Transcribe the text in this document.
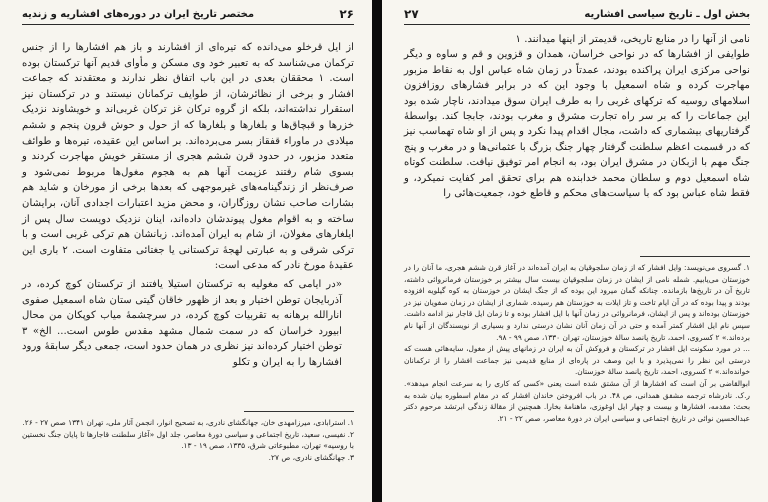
۲۶
مختصر تاریخ ایران در دوره‌های افشاریه و زندیه

از ایل قرخلو می‌دانده که تیره‌ای از افشارند و باز هم افشارها را از جنس ترکمان می‌شناسد که به تعبیر خود وی مسکن و مأوای قدیم آنها ترکستان بوده است. ۱ محققان بعدی در این باب اتفاق نظر ندارند و معتقدند که جماعت افشار و برخی از نظائرشان، از طوایف ترکمانان نیستند و در ترکستان نیز استقرار نداشته‌اند، بلکه از گروه ترکان غز ترکان غربی‌اند و خویشاوند نزدیک خزرها و قبچاق‌ها و بلغارها و بلغارها که از حول و حوش قرون پنجم و ششم میلادی در ماوراء قفقاز بسر می‌برده‌اند. بر اساس این عقیده، تیره‌ها و طوائف متعدد مزبور، در حدود قرن ششم هجری از مستقر خویش مهاجرت کردند و بسوی شام رفتند عزیمت آنها هم به هجوم مغول‌ها مربوط نمی‌شود و صرف‌نظر از زندگینامه‌های غیرموجهی که بعدها برخی از مورخان و شاید هم بشارات صاحب نشان روزگاران، و محض مزید اعتبارات اجدادی آنان، برایشان ساخته و به اقوام مغول پیوندشان داده‌اند، اینان نزدیک دویست سال پس از ایلغارهای مغولان، از شام به ایران آمده‌اند. زبانشان هم ترکی غربی است و با ترکی شرقی و به عبارتی لهجهٔ ترکستانی یا جغتائی متفاوت است. ۲ باری این عقیدهٔ مورخ نادر که مدعی است:

«در ایامی که مغولیه به ترکستان استیلا یافتند از ترکستان کوچ کرده، در آذربایجان توطن اختیار و بعد از ظهور خاقان گیتی ستان شاه اسمعیل صفوی انارالله برهانه به تقربیات کوچ کرده، در سرچشمهٔ میاب کوپکان من محال ابیورد خراسان که در سمت شمال مشهد مقدس طوس است... الخ» ۳ توطن اختیار کرده‌اند نیز نظری در همان حدود است، جمعی دیگر سابقهٔ ورود افشارها را به ایران و تکلو

۱. استرابادی، میرزامهدی خان، جهانگشای نادری، به تصحیح انوار، انجمن آثار ملی، تهران ۱۳۴۱ صص ۲۷ - ۲۶.

۲. نفیسی، سعید، تاریخ اجتماعی و سیاسی دورهٔ معاصر، جلد اول «آغاز سلطنت قاجارها تا پایان جنگ نخستین با روسیه» تهران، مطبوعاتی شرق، ۱۳۳۵، صص ۱۹ - ۱۳.

۳. جهانگشای نادری، ص ۲۷.

بخش اول ـ تاریخ سیاسی افشاریه
۲۷

نامی از آنها را در منابع تاریخی، قدیمتر از اینها میدانند. ۱

طوایفی از افشارها که در نواحی خراسان، همدان و قزوین و قم و ساوه و دیگر نواحی مرکزی ایران پراکنده بودند، عمدتاً در زمان شاه عباس اول به نقاط مزبور مهاجرت کرده و شاه اسمعیل با وجود این که در برابر فشارهای روزافزون اسلامهای روسیه که ترکهای غربی را به طرف ایران سوق میدادند، ناچار شده بود این جماعات را که بر سر راه تجارت مشرق و مغرب بودند، جابجا کند. بواسطهٔ گرفتاریهای بیشماری که داشت، مجال اقدام پیدا نکرد و پس از او شاه تهماسب نیز که در قسمت اعظم سلطنت گرفتار چهار جنگ بزرگ با عثمانی‌ها و در مغرب و پنج جنگ مهم با ازبکان در مشرق ایران بود، به انجام امر توفیق نیافت. سلطنت کوتاه شاه اسمعیل دوم و سلطان محمد خدابنده هم برای تحقق امر کفایت نمیکرد، و فقط شاه عباس بود که با سیاست‌های محکم و قاطع خود، جمعیت‌هائی را

۱. گسروی می‌نویسد: وایل افشار که از زمان سلجوقیان به ایران آمده‌اند در آغاز قرن ششم هجری، ما آنان را در خوزستان می‌یابیم. شمله نامی از ایشان در زمان سلجوقیان بیست سال بیشتر بر خوزستان فرمانروائی داشته، تاریخ آن در تاریخ‌ها بازمانده. چنانکه گمان میرود این بوده که از جنگ ایشان در خوزستان به کوه گیلویه افزوده بودند و پیدا بوده که در آن ایام تاخت و تاز ایلات به خوزستان هم رسیده. شماری از ایشان در زمان صفویان نیز در خوزستان بوده‌اند و پس از ایشان، فرمانروائی در زمان آنها با ایل افشار بوده و تا زمان ایل قاجار نیز ادامه داشت. سپس نام ایل افشار کمتر آمده و حتی در آن زمان آنان نشان درستی ندارد و بسیاری از نویسندگان از آنها نام برده‌اند.» ۲ کسروی، احمد، تاریخ پانصد سالهٔ خوزستان، تهران ۱۳۳۰، صص ۹۹ - ۹۸.

... در مورد سکونت ایل افشار در ترکستان و فروکش آن به ایران در زمانهای پیش از مغول، سایه‌هائی هست که درستی این نظر را نمی‌پذیرد و با این وصف در پاره‌ای از منابع قدیمی نیز جماعت افشار را از ترکمانان خوانده‌اند.» ۲ کسروی، احمد، تاریخ پانصد سالهٔ خوزستان.

ابوالقاضی بر آن است که افشارها از آن مشتق شده است یعنی «کسی که کاری را به سرعت انجام میدهد». ر.ک. نادرشاه ترجمه مشفق همدانی، ص ۴۸. در باب افروختن خاندان افشار که در مقام اسطوره بیان شده به بحث: مقدمه، افشارها و بیست و چهار ایل اوغوزی، ماهنامهٔ بخارا. همچنین از مقالهٔ زندگی ابرتشد مرحوم دکتر عبدالحسین نوائی در تاریخ اجتماعی و سیاسی ایران در دورهٔ معاصر، صص ۲۲ - ۲۱.
